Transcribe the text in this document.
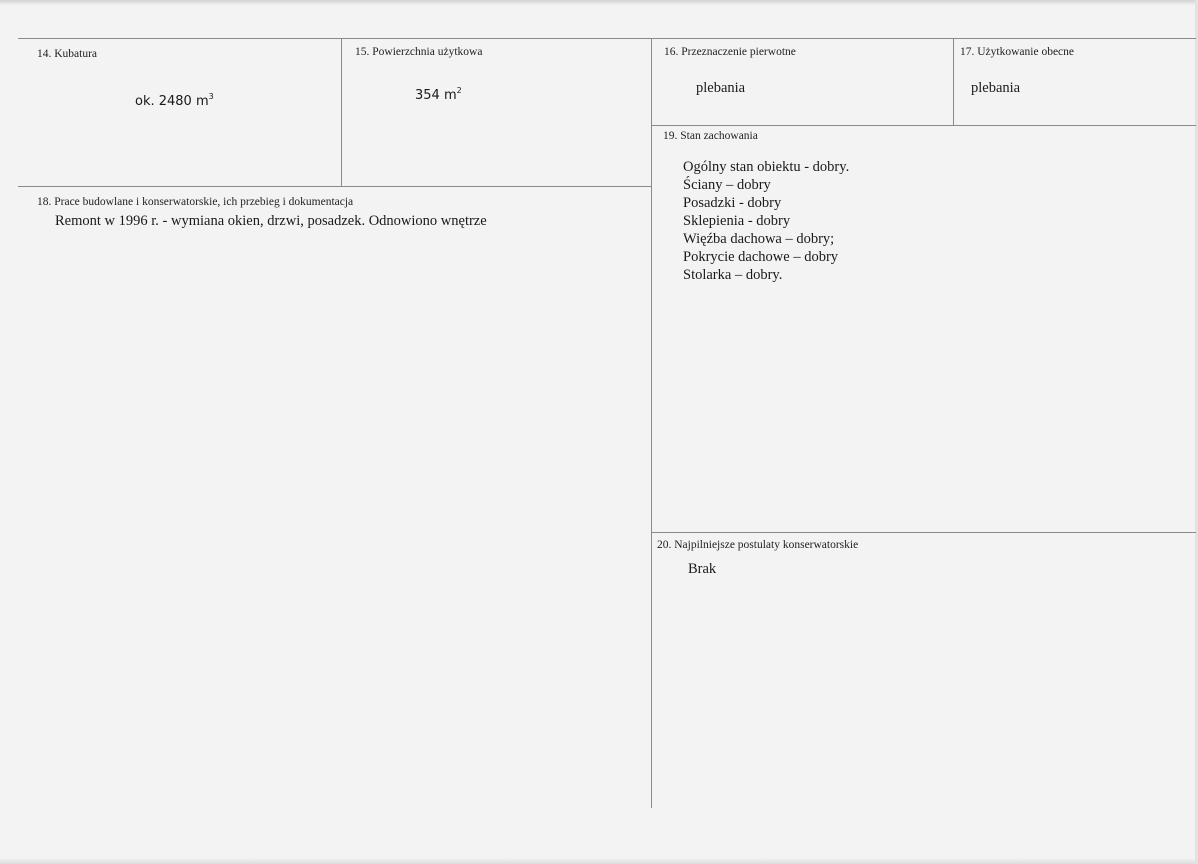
14. Kubatura
ok. 2480 $m^3$
15. Powierzchnia użytkowa
354 $m^2$
16. Przeznaczenie pierwotne
plebania
17. Użytkowanie obecne
plebania
19. Stan zachowania
Ogólny stan obiektu - dobry.
Ściany – dobry
Posadzki - dobry
Sklepienia - dobry
Więźba dachowa – dobry;
Pokrycie dachowe – dobry
Stolarka – dobry.
18. Prace budowlane i konserwatorskie, ich przebieg i dokumentacja
Remont w 1996 r. - wymiana okien, drzwi, posadzek. Odnowiono wnętrze
20. Najpilniejsze postulaty konserwatorskie
Brak
